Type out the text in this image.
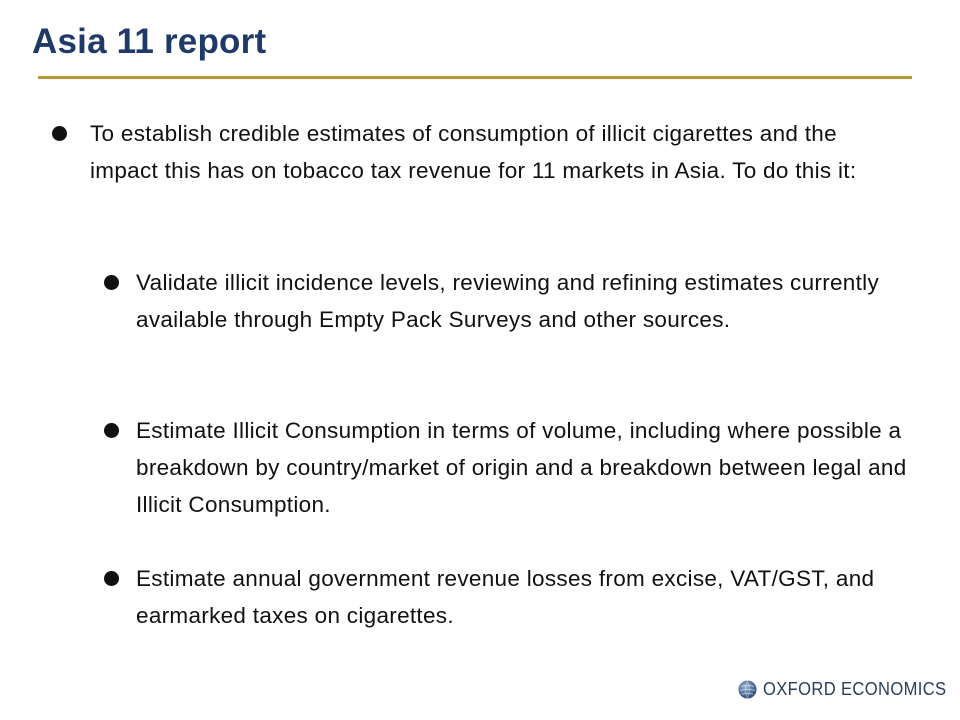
Asia 11 report
To establish credible estimates of consumption of illicit cigarettes and the impact this has on tobacco tax revenue for 11 markets in Asia. To do this it:
Validate illicit incidence levels, reviewing and refining estimates currently available through Empty Pack Surveys and other sources.
Estimate Illicit Consumption in terms of volume, including where possible a breakdown by country/market of origin and a breakdown between legal and Illicit Consumption.
Estimate annual government revenue losses from excise, VAT/GST, and earmarked taxes on cigarettes.
OXFORD ECONOMICS
